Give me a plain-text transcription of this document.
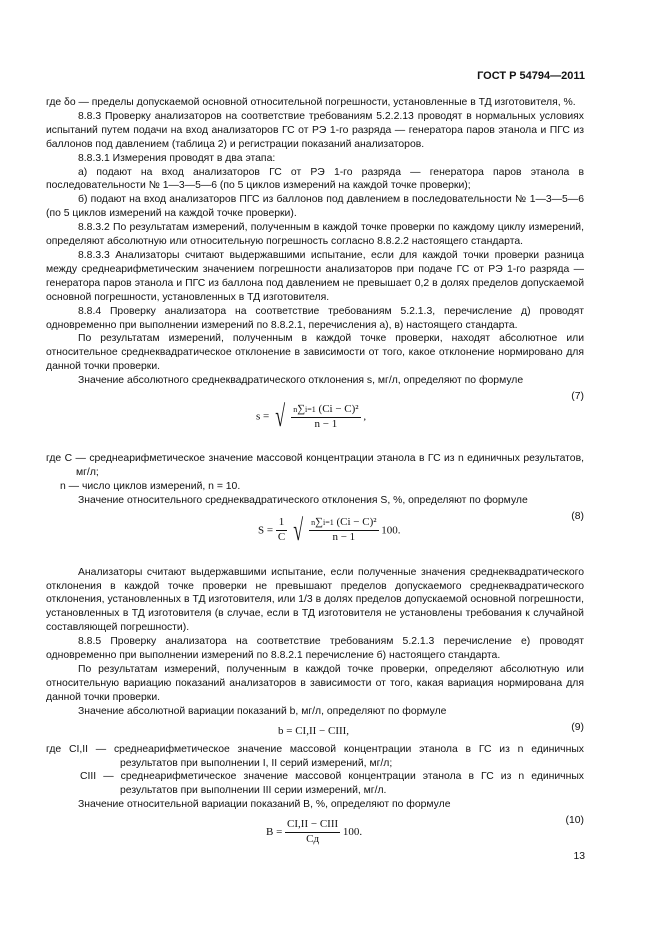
ГОСТ Р 54794—2011

где δо — пределы допускаемой основной относительной погрешности, установленные в ТД изготовителя, %.

8.8.3 Проверку анализаторов на соответствие требованиям 5.2.2.13 проводят в нормальных условиях испытаний путем подачи на вход анализаторов ГС от РЭ 1-го разряда — генератора паров этанола и ПГС из баллонов под давлением (таблица 2) и регистрации показаний анализаторов.

8.8.3.1 Измерения проводят в два этапа:

а) подают на вход анализаторов ГС от РЭ 1-го разряда — генератора паров этанола в последовательности № 1—3—5—6 (по 5 циклов измерений на каждой точке проверки);

б) подают на вход анализаторов ПГС из баллонов под давлением в последовательности № 1—3—5—6 (по 5 циклов измерений на каждой точке проверки).

8.8.3.2 По результатам измерений, полученным в каждой точке проверки по каждому циклу измерений, определяют абсолютную или относительную погрешность согласно 8.8.2.2 настоящего стандарта.

8.8.3.3 Анализаторы считают выдержавшими испытание, если для каждой точки проверки разница между среднеарифметическим значением погрешности анализаторов при подаче ГС от РЭ 1-го разряда — генератора паров этанола и ПГС из баллона под давлением не превышает 0,2 в долях пределов допускаемой основной погрешности, установленных в ТД изготовителя.

8.8.4 Проверку анализатора на соответствие требованиям 5.2.1.3, перечисление д) проводят одновременно при выполнении измерений по 8.8.2.1, перечисления а), в) настоящего стандарта.

По результатам измерений, полученным в каждой точке проверки, находят абсолютное или относительное среднеквадратическое отклонение в зависимости от того, какое отклонение нормировано для данной точки проверки.

Значение абсолютного среднеквадратического отклонения s, мг/л, определяют по формуле

s = √ $\frac{\text{n∑i=1 (Ci − C)²}}{n - 1}$ ,
(7)

где C — среднеарифметическое значение массовой концентрации этанола в ГС из n единичных результатов, мг/л;

n — число циклов измерений, n = 10.

Значение относительного среднеквадратического отклонения S, %, определяют по формуле

$S = \frac{1}{C}$ √ $\frac{\text{n∑i=1 (Ci − C)²}}{n - 1} 100$.
(8)

Анализаторы считают выдержавшими испытание, если полученные значения среднеквадратического отклонения в каждой точке проверки не превышают пределов допускаемого среднеквадратического отклонения, установленных в ТД изготовителя, или 1/3 в долях пределов допускаемой основной погрешности, установленных в ТД изготовителя (в случае, если в ТД изготовителя не установлены требования к случайной составляющей погрешности).

8.8.5 Проверку анализатора на соответствие требованиям 5.2.1.3 перечисление е) проводят одновременно при выполнении измерений по 8.8.2.1 перечисление б) настоящего стандарта.

По результатам измерений, полученным в каждой точке проверки, определяют абсолютную или относительную вариацию показаний анализаторов в зависимости от того, какая вариация нормирована для данной точки проверки.

Значение абсолютной вариации показаний b, мг/л, определяют по формуле

b = CI,II − CIII,	(9)

где CI,II — среднеарифметическое значение массовой концентрации этанола в ГС из n единичных результатов при выполнении I, II серий измерений, мг/л;

CIII — среднеарифметическое значение массовой концентрации этанола в ГС из n единичных результатов при выполнении III серии измерений, мг/л.

Значение относительной вариации показаний B, %, определяют по формуле

$B = \frac{\text{CI,II − CIII}}{Cд} 100$.
(10)
13
